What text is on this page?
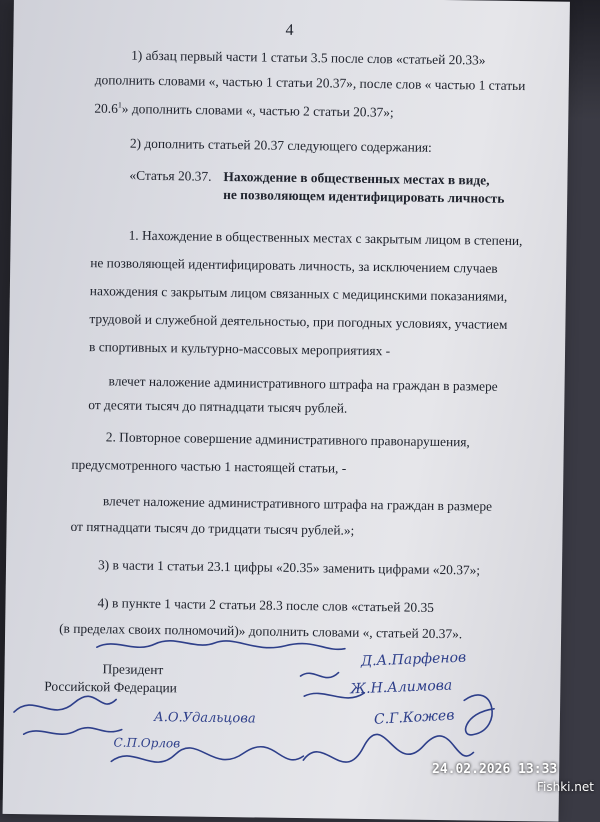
4
1) абзац первый части 1 статьи 3.5 после слов «статьей 20.33»
дополнить словами «, частью 1 статьи 20.37», после слов « частью 1 статьи
20.6$^1$» дополнить словами «, частью 2 статьи 20.37»;
2) дополнить статьей 20.37 следующего содержания:
«Статья 20.37. Нахождение в общественных местах в виде,
не позволяющем идентифицировать личность
1. Нахождение в общественных местах с закрытым лицом в степени,
не позволяющей идентифицировать личность, за исключением случаев
нахождения с закрытым лицом связанных с медицинскими показаниями,
трудовой и служебной деятельностью, при погодных условиях, участием
в спортивных и культурно-массовых мероприятиях -
влечет наложение административного штрафа на граждан в размере
от десяти тысяч до пятнадцати тысяч рублей.
2. Повторное совершение административного правонарушения,
предусмотренного частью 1 настоящей статьи, -
влечет наложение административного штрафа на граждан в размере
от пятнадцати тысяч до тридцати тысяч рублей.»;
3) в части 1 статьи 23.1 цифры «20.35» заменить цифрами «20.37»;
4) в пункте 1 части 2 статьи 28.3 после слов «статьей 20.35
(в пределах своих полномочий)» дополнить словами «, статьей 20.37».
Президент
Российской Федерации
Д.А.Парфенов
Ж.Н.Алимова
С.Г.Кожев
А.О.Удальцова
С.П.Орлов
24.02.2026 13:33
Fishki.net
